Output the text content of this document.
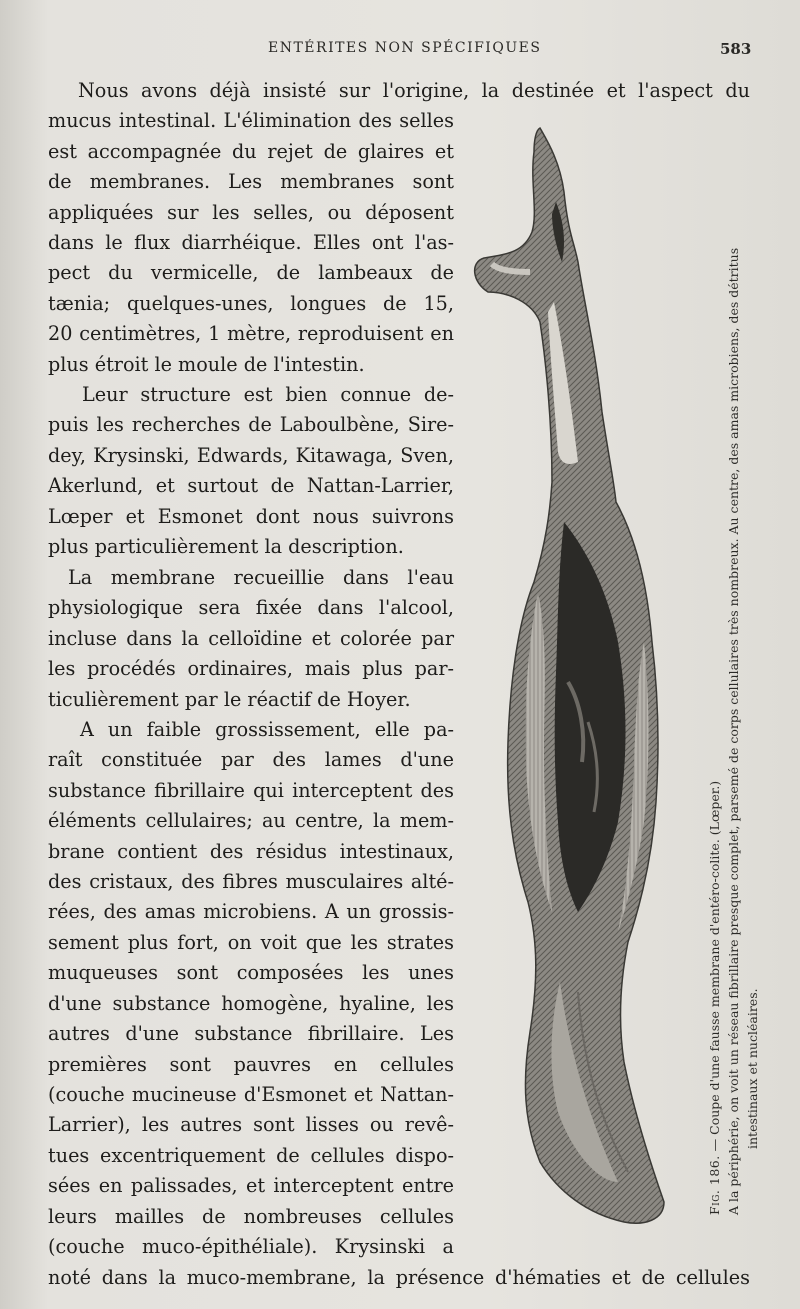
ENTÉRITES NON SPÉCIFIQUES	583
Nous avons déjà insisté sur l'origine, la destinée et l'aspect du
mucus intestinal. L'élimination des selles
est accompagnée du rejet de glaires et
de membranes. Les membranes sont
appliquées sur les selles, ou déposent
dans le flux diarrhéique. Elles ont l'as-
pect du vermicelle, de lambeaux de
tænia; quelques-unes, longues de 15,
20 centimètres, 1 mètre, reproduisent en
plus étroit le moule de l'intestin.
Leur structure est bien connue de-
puis les recherches de Laboulbène, Sire-
dey, Krysinski, Edwards, Kitawaga, Sven,
Akerlund, et surtout de Nattan-Larrier,
Lœper et Esmonet dont nous suivrons
plus particulièrement la description.
La membrane recueillie dans l'eau
physiologique sera fixée dans l'alcool,
incluse dans la celloïdine et colorée par
les procédés ordinaires, mais plus par-
ticulièrement par le réactif de Hoyer.
A un faible grossissement, elle pa-
raît constituée par des lames d'une
substance fibrillaire qui interceptent des
éléments cellulaires; au centre, la mem-
brane contient des résidus intestinaux,
des cristaux, des fibres musculaires alté-
rées, des amas microbiens. A un grossis-
sement plus fort, on voit que les strates
muqueuses sont composées les unes
d'une substance homogène, hyaline, les
autres d'une substance fibrillaire. Les
premières sont pauvres en cellules
(couche mucineuse d'Esmonet et Nattan-
Larrier), les autres sont lisses ou revê-
tues excentriquement de cellules dispo-
sées en palissades, et interceptent entre
leurs mailles de nombreuses cellules
(couche muco-épithéliale). Krysinski a
noté dans la muco-membrane, la présence d'hématies et de cellules
Fig. 186. — Coupe d'une fausse membrane d'entéro-colite. (Lœper.) A la périphérie, on voit un réseau fibrillaire presque complet, parsemé de corps cellulaires très nombreux. Au centre, des amas microbiens, des détritus intestinaux et nucléaires.
